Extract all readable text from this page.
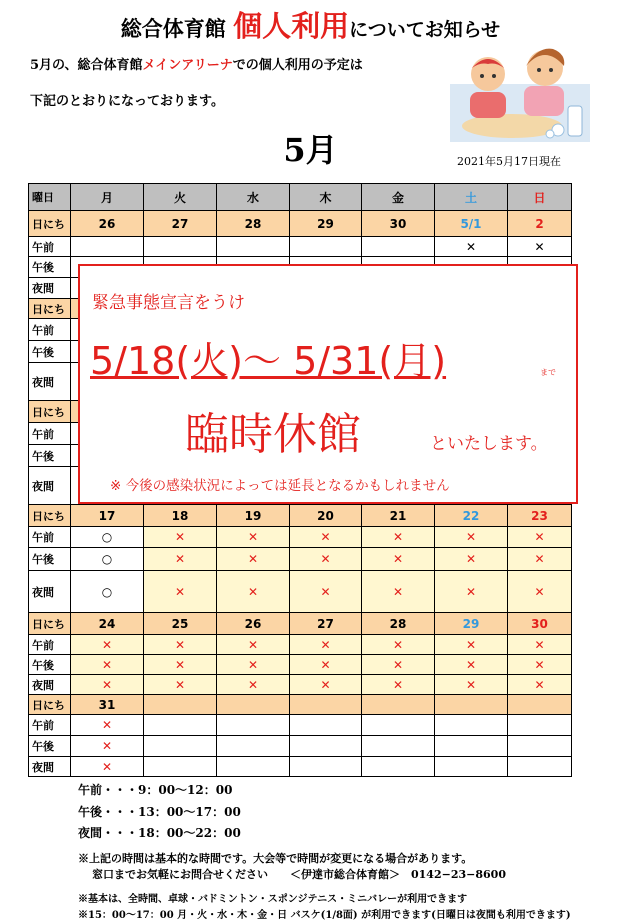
総合体育館 個人利用についてお知らせ
5月の、総合体育館メインアリーナでの個人利用の予定は
下記のとおりになっております。
5月	2021年5月17日現在
曜日	月	火	水	木	金	土	日
日にち	26	27	28	29	30	5/1	2
午前						✕	✕
午後							
夜間							
日にち							
午前							
午後							
夜間							
日にち							
午前							
午後							
夜間							
日にち	17	18	19	20	21	22	23
午前	○	✕	✕	✕	✕	✕	✕
午後	○	✕	✕	✕	✕	✕	✕
夜間	○	✕	✕	✕	✕	✕	✕
日にち	24	25	26	27	28	29	30
午前	✕	✕	✕	✕	✕	✕	✕
午後	✕	✕	✕	✕	✕	✕	✕
夜間	✕	✕	✕	✕	✕	✕	✕
日にち	31						
午前	✕						
午後	✕						
夜間	✕						
緊急事態宣言をうけ
5/18(火)〜 5/31(月)	まで
臨時休館	といたします。
※ 今後の感染状況によっては延長となるかもしれません
午前・・・9：00〜12：00
午後・・・13：00〜17：00
夜間・・・18：00〜22：00
※上記の時間は基本的な時間です。大会等で時間が変更になる場合があります。
窓口までお気軽にお問合せください　　＜伊達市総合体育館＞　0142−23−8600
※基本は、全時間、卓球・バドミントン・スポンジテニス・ミニバレーが利用できます
※15：00〜17：00 月・火・水・木・金・日 バスケ(1/8面) が利用できます(日曜日は夜間も利用できます)
